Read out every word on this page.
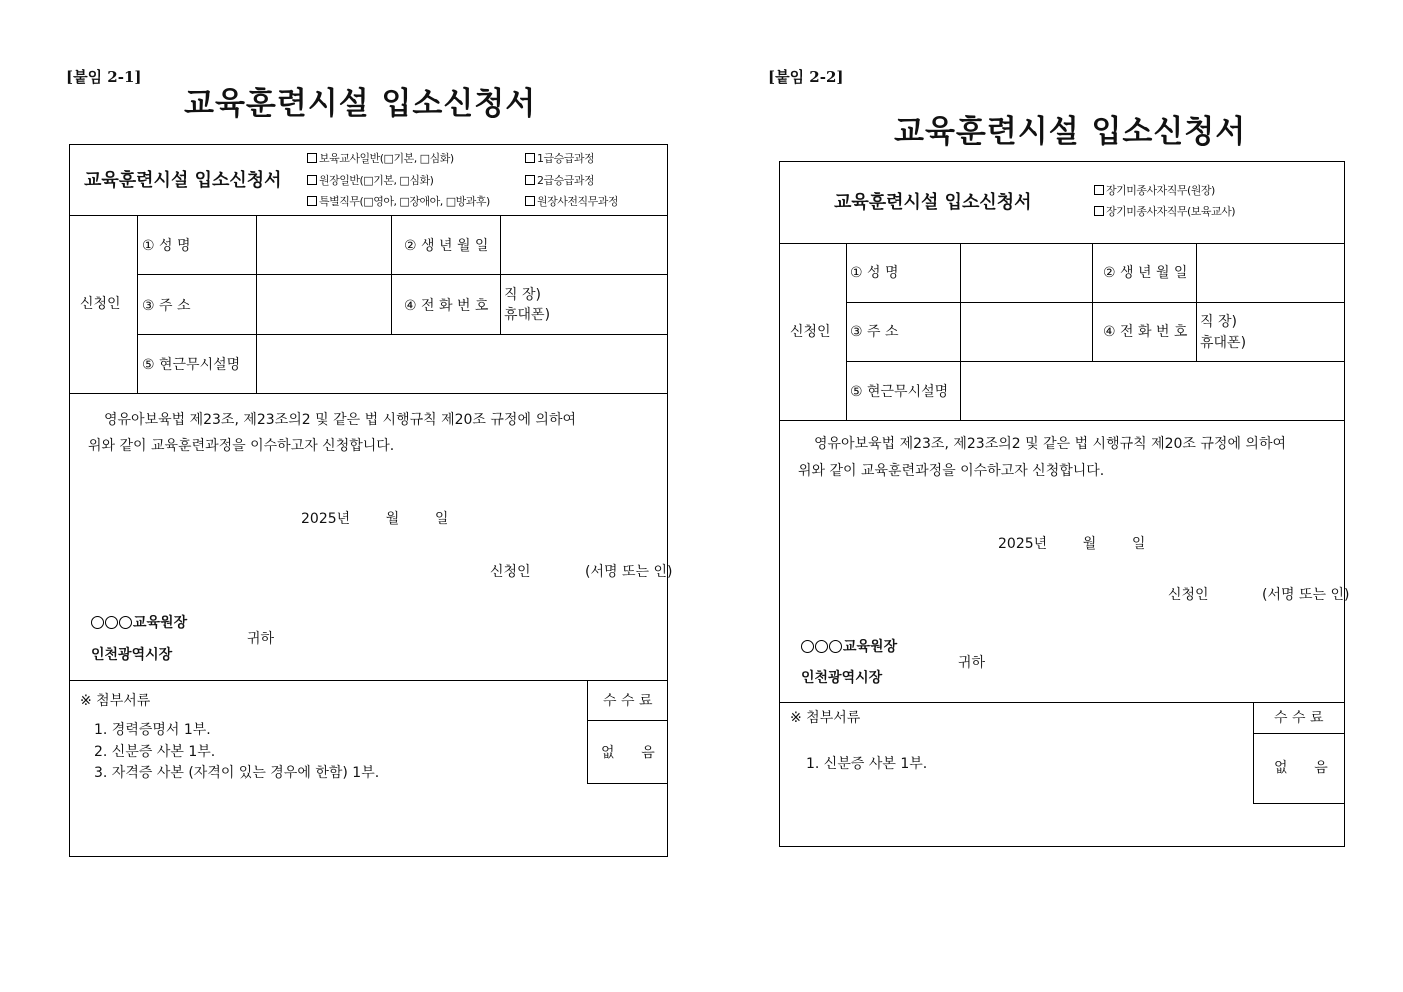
[붙임 2-1]
교육훈련시설 입소신청서
교육훈련시설 입소신청서
보육교사일반(□기본, □심화)
원장일반(□기본, □심화)
특별직무(□영아, □장애아, □방과후)
1급승급과정
2급승급과정
원장사전직무과정
신청인
① 성 명	② 생 년 월 일
③ 주 소	④ 전 화 번 호
직 장)
휴대폰)
⑤ 현근무시설명
영유아보육법 제23조, 제23조의2 및 같은 법 시행규칙 제20조 규정에 의하여
위와 같이 교육훈련과정을 이수하고자 신청합니다.
2025년        월        일
신청인	(서명 또는 인)
교육원장
인천광역시장
귀하
※ 첨부서류
1. 경력증명서 1부.
2. 신분증 사본 1부.
3. 자격증 사본 (자격이 있는 경우에 한함) 1부.
수 수 료
없      음
[붙임 2-2]
교육훈련시설 입소신청서
교육훈련시설 입소신청서
장기미종사자직무(원장)
장기미종사자직무(보육교사)
신청인
① 성 명	② 생 년 월 일
③ 주 소	④ 전 화 번 호
직 장)
휴대폰)
⑤ 현근무시설명
영유아보육법 제23조, 제23조의2 및 같은 법 시행규칙 제20조 규정에 의하여
위와 같이 교육훈련과정을 이수하고자 신청합니다.
2025년        월        일
신청인	(서명 또는 인)
교육원장
인천광역시장
귀하
※ 첨부서류
1. 신분증 사본 1부.
수 수 료
없      음
